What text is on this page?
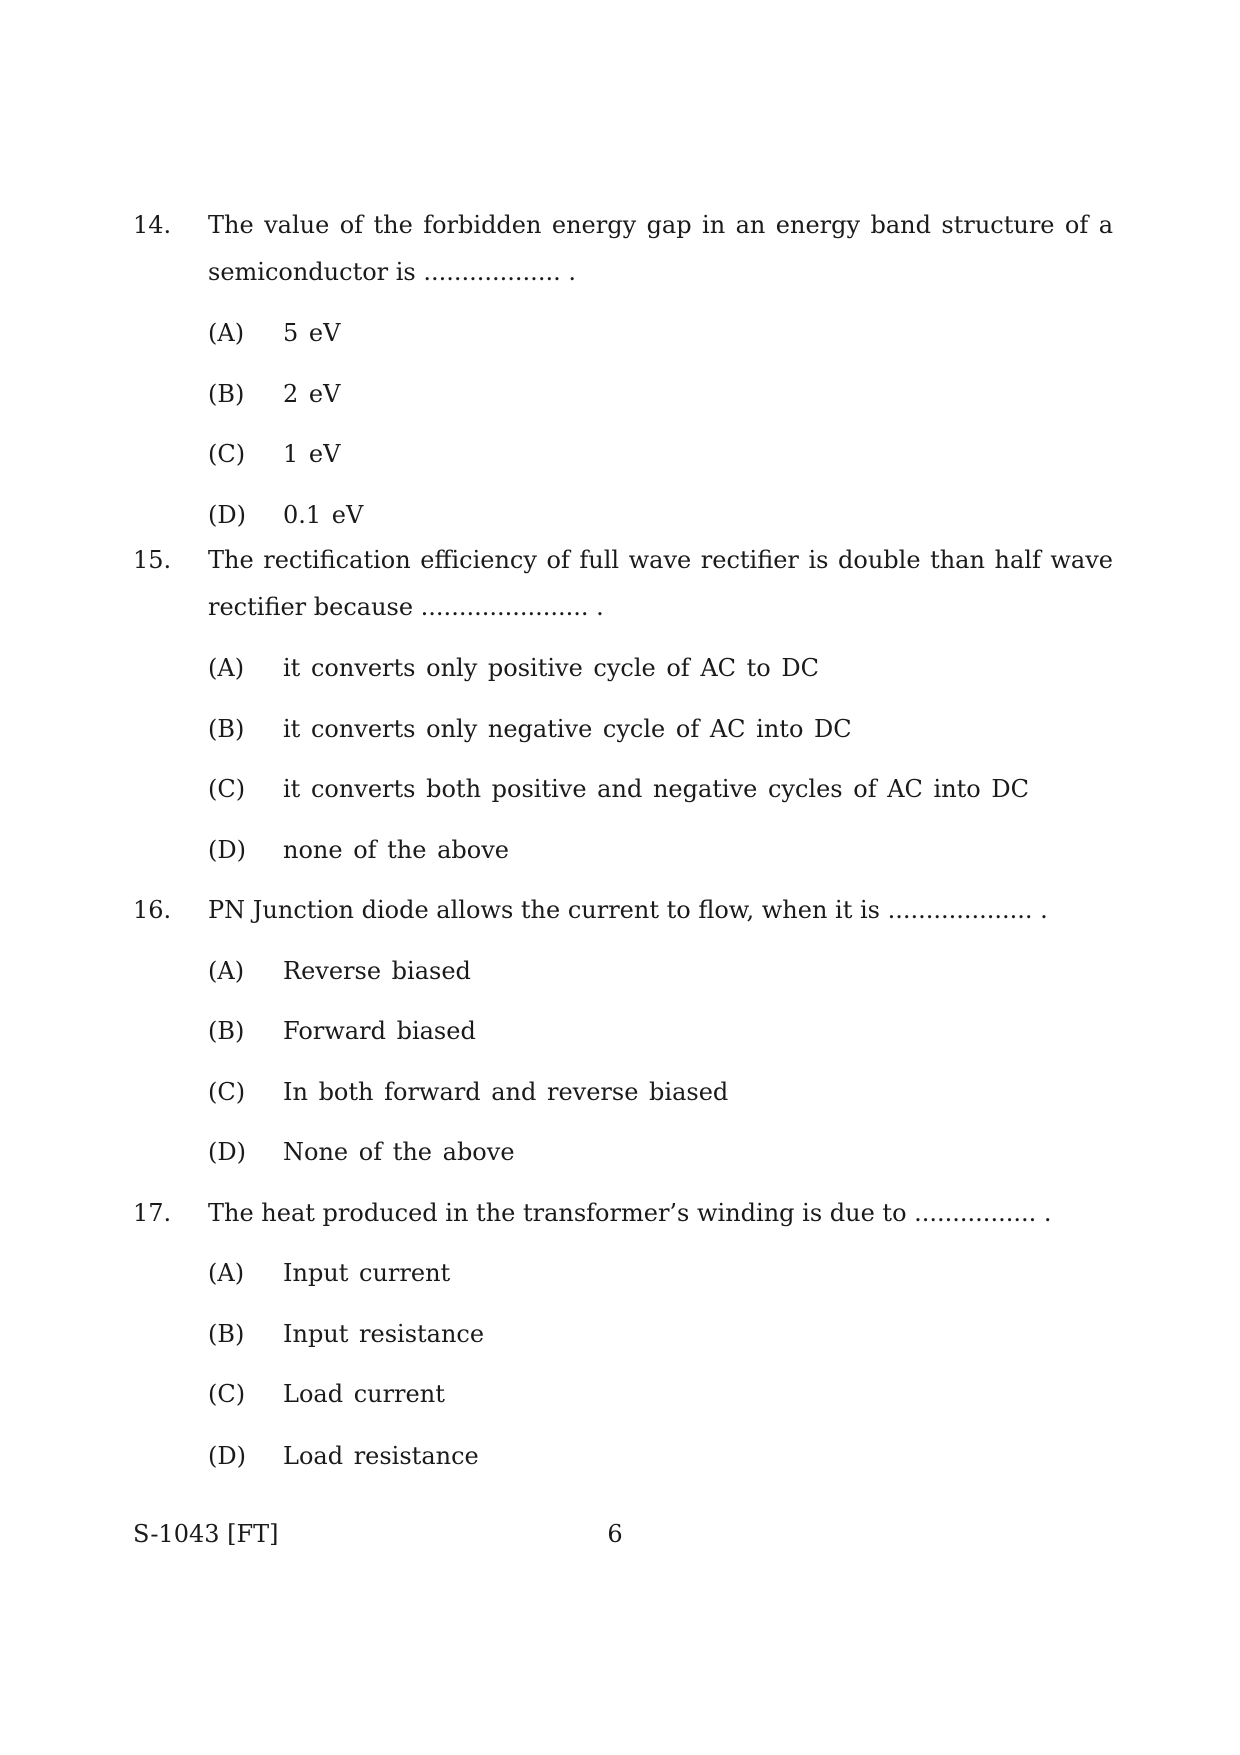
14. The value of the forbidden energy gap in an energy band structure of a
semiconductor is .................. .
(A) 5 eV
(B) 2 eV
(C) 1 eV
(D) 0.1 eV
15. The rectification efficiency of full wave rectifier is double than half wave
rectifier because ...................... .
(A) it converts only positive cycle of AC to DC
(B) it converts only negative cycle of AC into DC
(C) it converts both positive and negative cycles of AC into DC
(D) none of the above
16. PN Junction diode allows the current to flow, when it is ................... .
(A) Reverse biased
(B) Forward biased
(C) In both forward and reverse biased
(D) None of the above
17. The heat produced in the transformer’s winding is due to ................ .
(A) Input current
(B) Input resistance
(C) Load current
(D) Load resistance
S-1043 [FT]	6
